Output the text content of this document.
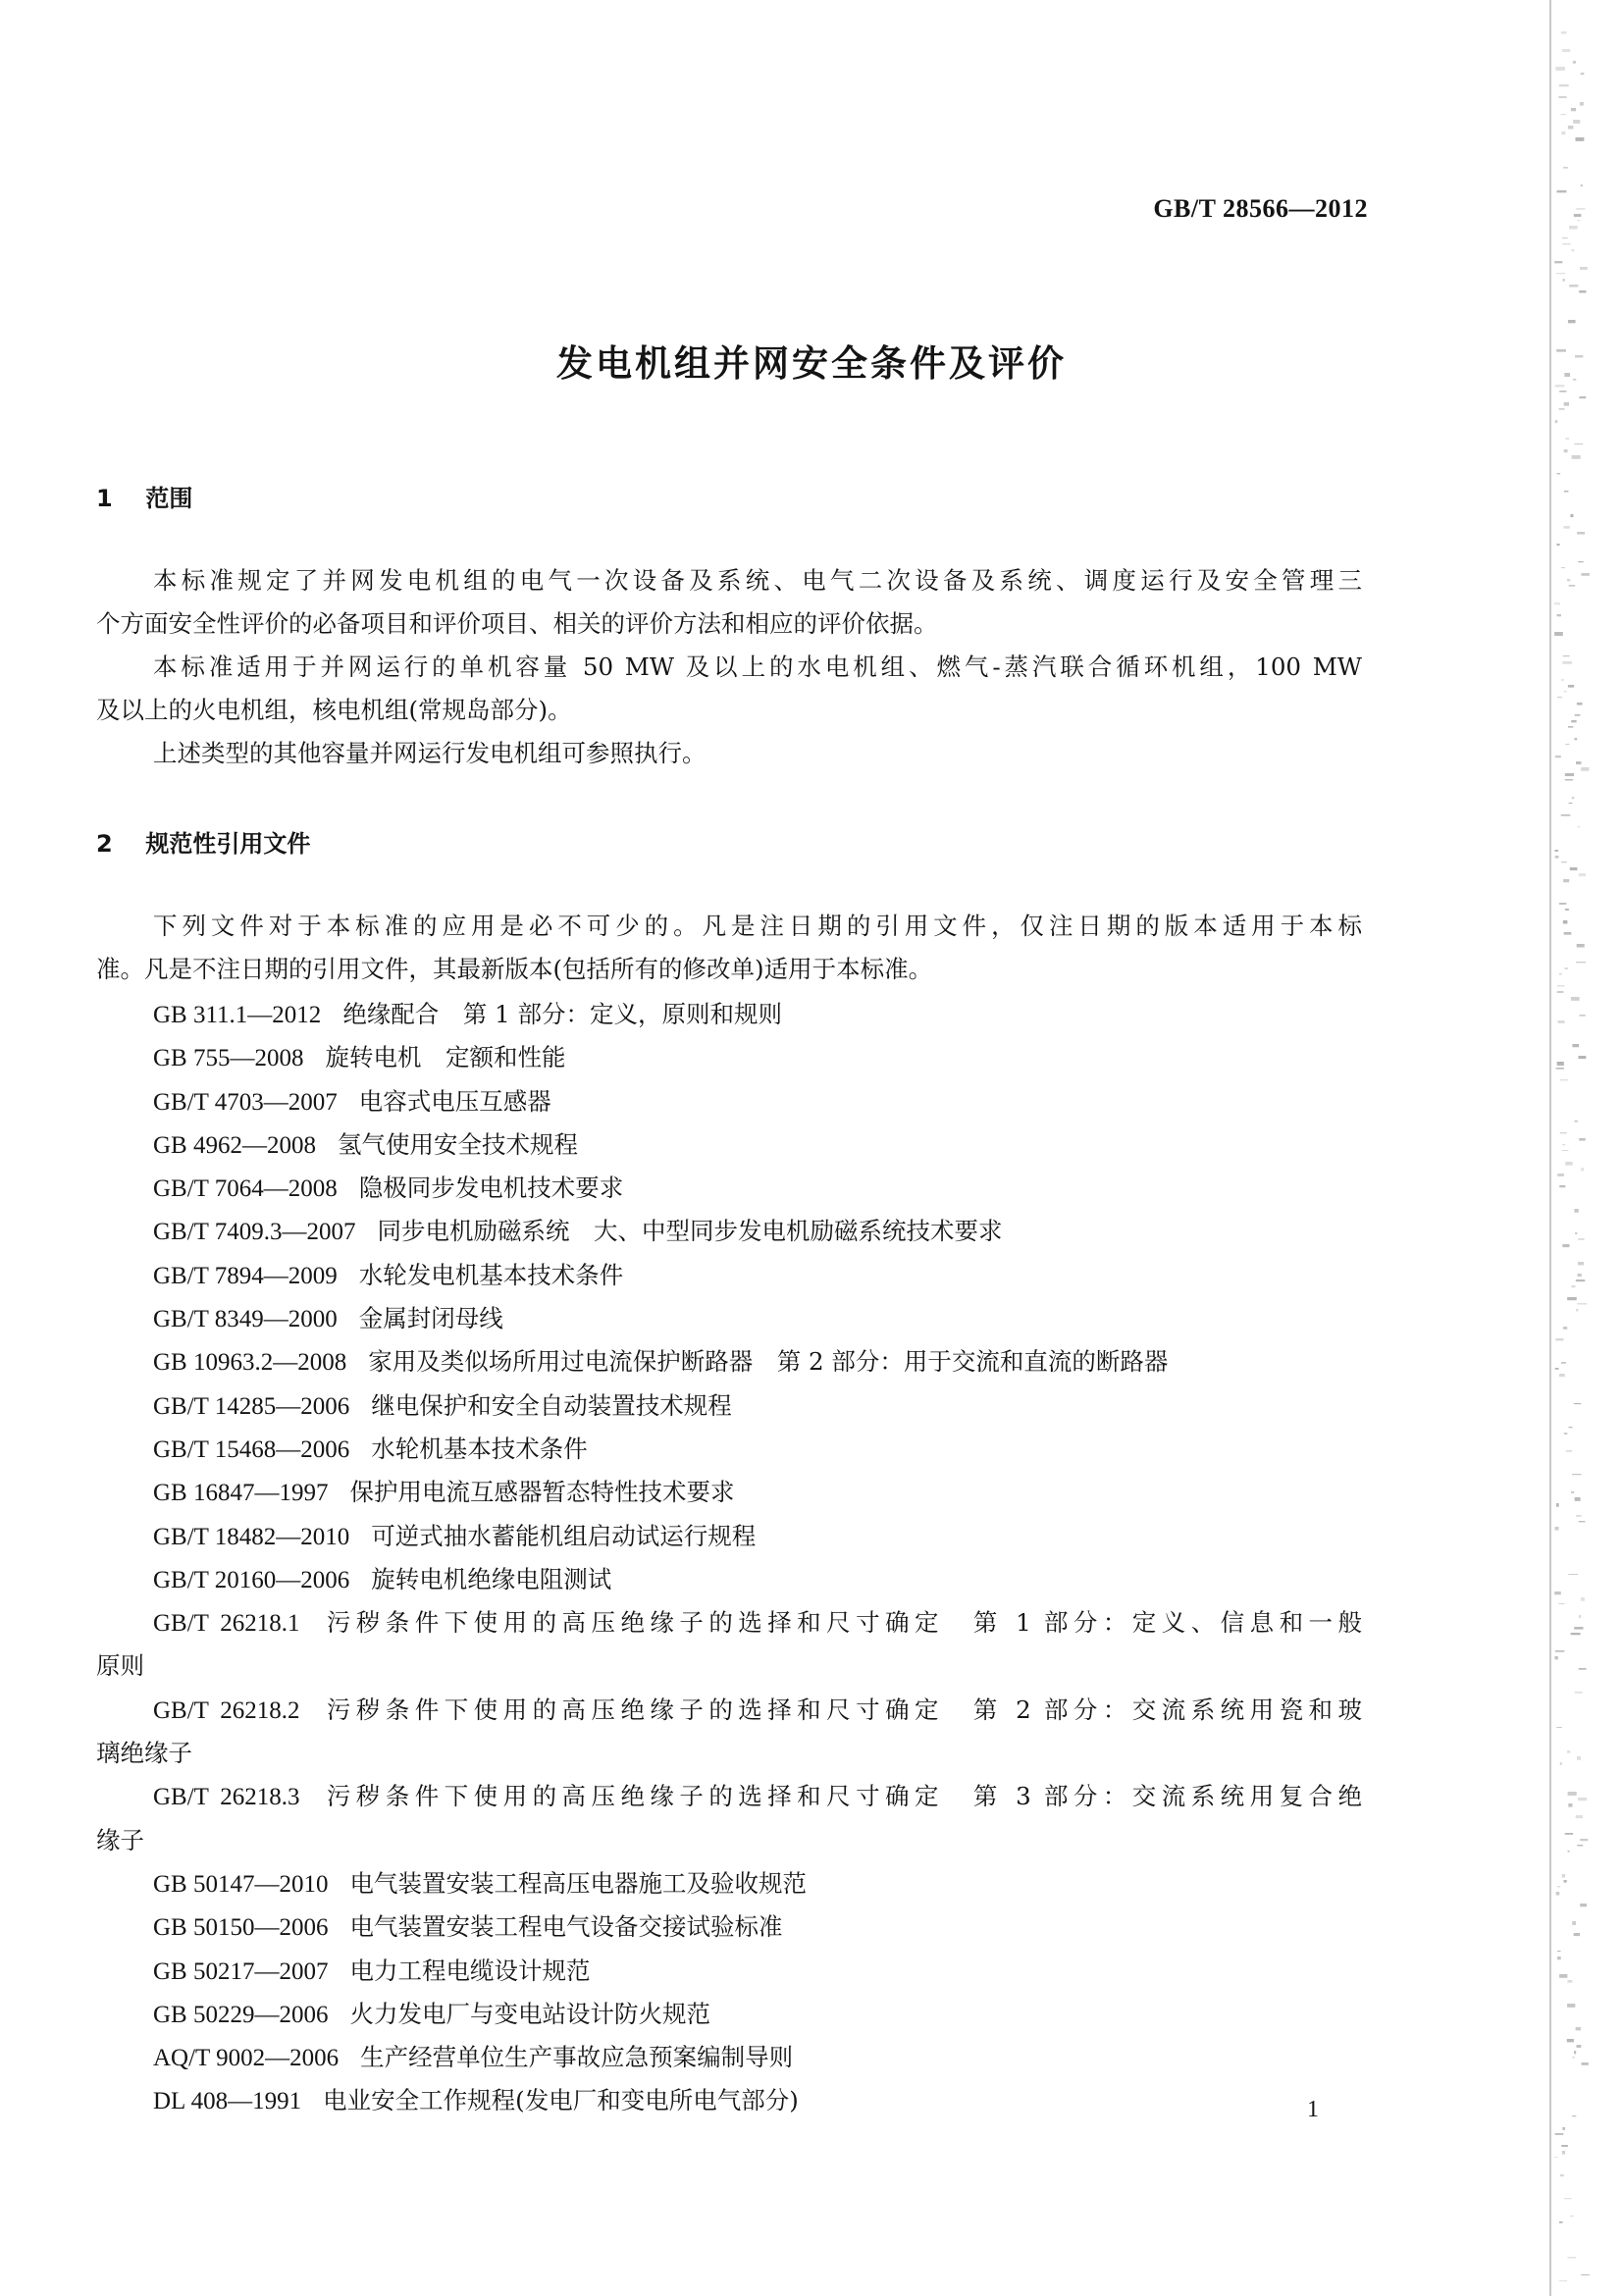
GB/T 28566—2012
发电机组并网安全条件及评价
1 范围
本标准规定了并网发电机组的电气一次设备及系统、电气二次设备及系统、调度运行及安全管理三
个方面安全性评价的必备项目和评价项目、相关的评价方法和相应的评价依据。
本标准适用于并网运行的单机容量 50 MW 及以上的水电机组、燃气-蒸汽联合循环机组，100 MW
及以上的火电机组，核电机组(常规岛部分)。
上述类型的其他容量并网运行发电机组可参照执行。
2 规范性引用文件
下列文件对于本标准的应用是必不可少的。凡是注日期的引用文件，仅注日期的版本适用于本标
准。凡是不注日期的引用文件，其最新版本(包括所有的修改单)适用于本标准。
GB 311.1—2012 绝缘配合　第 1 部分：定义，原则和规则
GB 755—2008 旋转电机　定额和性能
GB/T 4703—2007 电容式电压互感器
GB 4962—2008 氢气使用安全技术规程
GB/T 7064—2008 隐极同步发电机技术要求
GB/T 7409.3—2007 同步电机励磁系统　大、中型同步发电机励磁系统技术要求
GB/T 7894—2009 水轮发电机基本技术条件
GB/T 8349—2000 金属封闭母线
GB 10963.2—2008 家用及类似场所用过电流保护断路器　第 2 部分：用于交流和直流的断路器
GB/T 14285—2006 继电保护和安全自动装置技术规程
GB/T 15468—2006 水轮机基本技术条件
GB 16847—1997 保护用电流互感器暂态特性技术要求
GB/T 18482—2010 可逆式抽水蓄能机组启动试运行规程
GB/T 20160—2006 旋转电机绝缘电阻测试
GB/T 26218.1 污秽条件下使用的高压绝缘子的选择和尺寸确定　第 1 部分：定义、信息和一般
原则
GB/T 26218.2 污秽条件下使用的高压绝缘子的选择和尺寸确定　第 2 部分：交流系统用瓷和玻
璃绝缘子
GB/T 26218.3 污秽条件下使用的高压绝缘子的选择和尺寸确定　第 3 部分：交流系统用复合绝
缘子
GB 50147—2010 电气装置安装工程高压电器施工及验收规范
GB 50150—2006 电气装置安装工程电气设备交接试验标准
GB 50217—2007 电力工程电缆设计规范
GB 50229—2006 火力发电厂与变电站设计防火规范
AQ/T 9002—2006 生产经营单位生产事故应急预案编制导则
DL 408—1991 电业安全工作规程(发电厂和变电所电气部分)	1
